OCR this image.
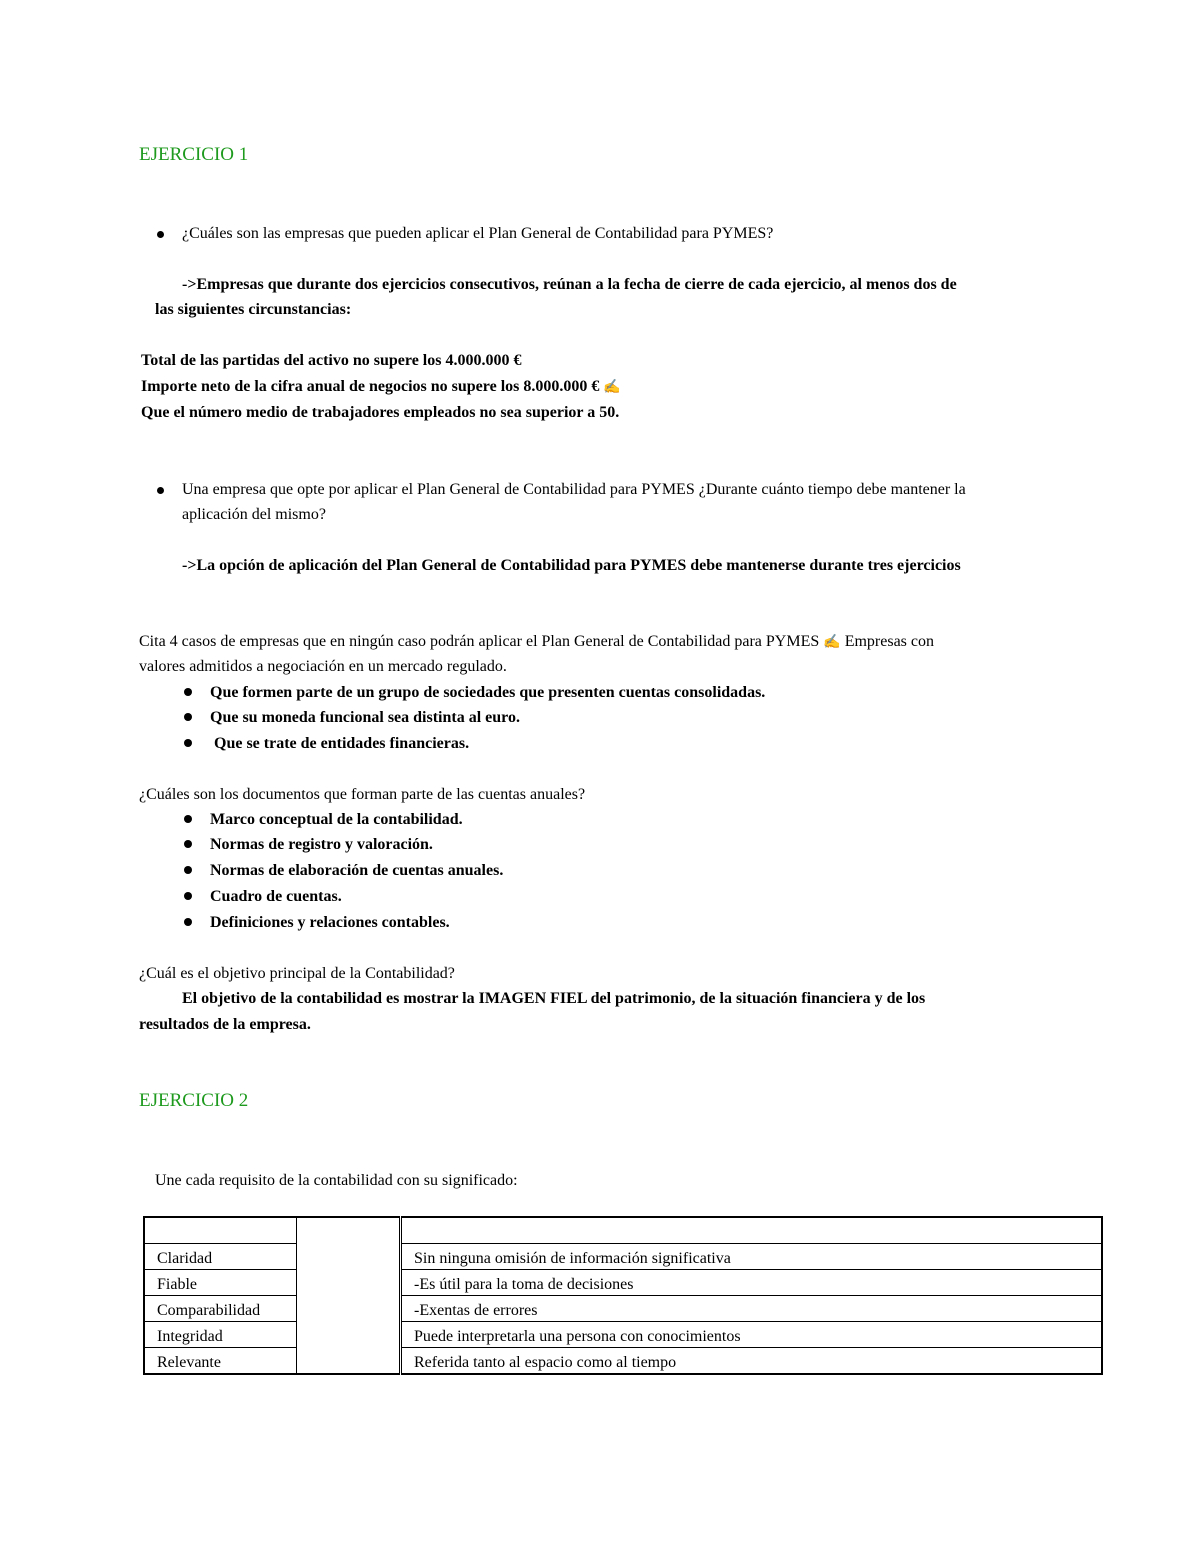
EJERCICIO 1
¿Cuáles son las empresas que pueden aplicar el Plan General de Contabilidad para PYMES?
->Empresas que durante dos ejercicios consecutivos, reúnan a la fecha de cierre de cada ejercicio, al menos dos de
las siguientes circunstancias:
Total de las partidas del activo no supere los 4.000.000 €
Importe neto de la cifra anual de negocios no supere los 8.000.000 € ✍
Que el número medio de trabajadores empleados no sea superior a 50.
Una empresa que opte por aplicar el Plan General de Contabilidad para PYMES ¿Durante cuánto tiempo debe mantener la
aplicación del mismo?
->La opción de aplicación del Plan General de Contabilidad para PYMES debe mantenerse durante tres ejercicios
Cita 4 casos de empresas que en ningún caso podrán aplicar el Plan General de Contabilidad para PYMES ✍ Empresas con
valores admitidos a negociación en un mercado regulado.
Que formen parte de un grupo de sociedades que presenten cuentas consolidadas.
Que su moneda funcional sea distinta al euro.
Que se trate de entidades financieras.
¿Cuáles son los documentos que forman parte de las cuentas anuales?
Marco conceptual de la contabilidad.
Normas de registro y valoración.
Normas de elaboración de cuentas anuales.
Cuadro de cuentas.
Definiciones y relaciones contables.
¿Cuál es el objetivo principal de la Contabilidad?
El objetivo de la contabilidad es mostrar la IMAGEN FIEL del patrimonio, de la situación financiera y de los
resultados de la empresa.
EJERCICIO 2
Une cada requisito de la contabilidad con su significado:

Claridad		Sin ninguna omisión de información significativa
Fiable		-Es útil para la toma de decisiones
Comparabilidad		-Exentas de errores
Integridad		Puede interpretarla una persona con conocimientos
Relevante		Referida tanto al espacio como al tiempo
